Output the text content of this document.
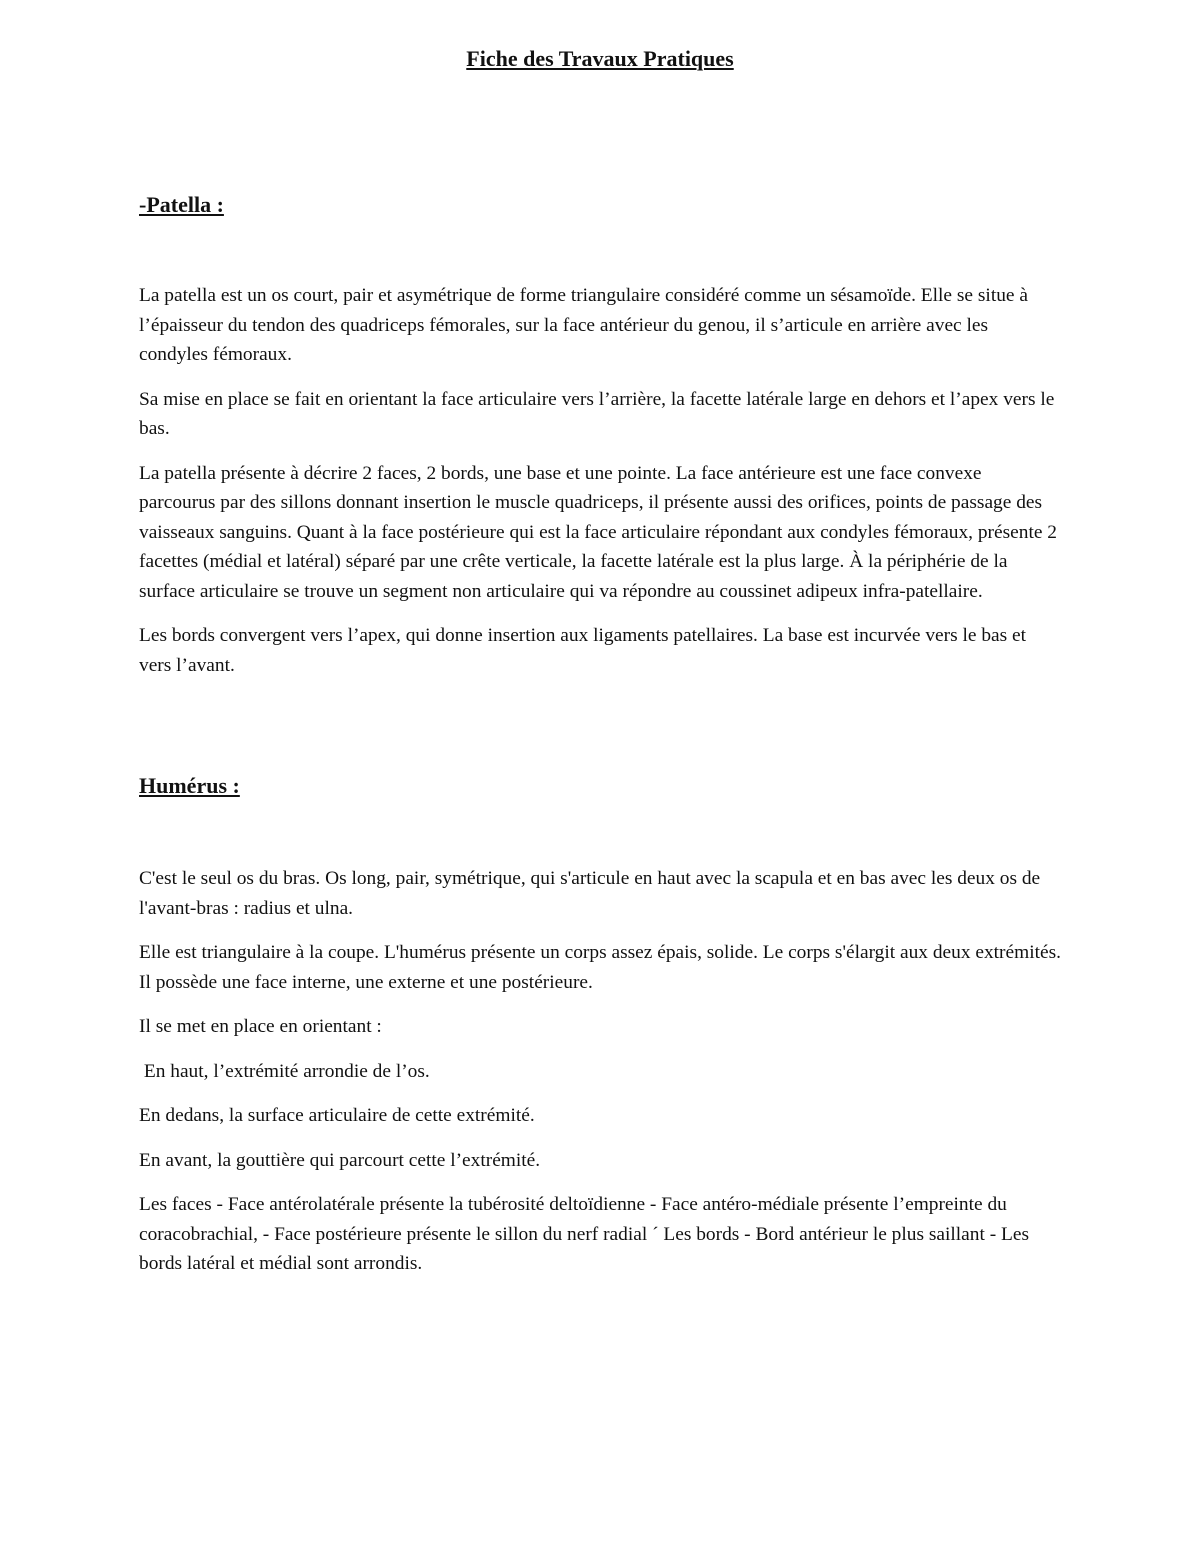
Fiche des Travaux Pratiques
-Patella :

La patella est un os court, pair et asymétrique de forme triangulaire considéré comme un sésamoïde. Elle se situe à l’épaisseur du tendon des quadriceps fémorales, sur la face antérieur du genou, il s’articule en arrière avec les condyles fémoraux.

Sa mise en place se fait en orientant la face articulaire vers l’arrière, la facette latérale large en dehors et l’apex vers le bas.

La patella présente à décrire 2 faces, 2 bords, une base et une pointe. La face antérieure est une face convexe parcourus par des sillons donnant insertion le muscle quadriceps, il présente aussi des orifices, points de passage des vaisseaux sanguins. Quant à la face postérieure qui est la face articulaire répondant aux condyles fémoraux, présente 2 facettes (médial et latéral) séparé par une crête verticale, la facette latérale est la plus large. À la périphérie de la surface articulaire se trouve un segment non articulaire qui va répondre au coussinet adipeux infra-patellaire.

Les bords convergent vers l’apex, qui donne insertion aux ligaments patellaires. La base est incurvée vers le bas et vers l’avant.

Humérus :

C'est le seul os du bras. Os long, pair, symétrique, qui s'articule en haut avec la scapula et en bas avec les deux os de l'avant-bras : radius et ulna.

Elle est triangulaire à la coupe. L'humérus présente un corps assez épais, solide. Le corps s'élargit aux deux extrémités. Il possède une face interne, une externe et une postérieure.

Il se met en place en orientant :

En haut, l’extrémité arrondie de l’os.

En dedans, la surface articulaire de cette extrémité.

En avant, la gouttière qui parcourt cette l’extrémité.

Les faces - Face antérolatérale présente la tubérosité deltoïdienne - Face antéro-médiale présente l’empreinte du coracobrachial, - Face postérieure présente le sillon du nerf radial ´ Les bords - Bord antérieur le plus saillant - Les bords latéral et médial sont arrondis.
